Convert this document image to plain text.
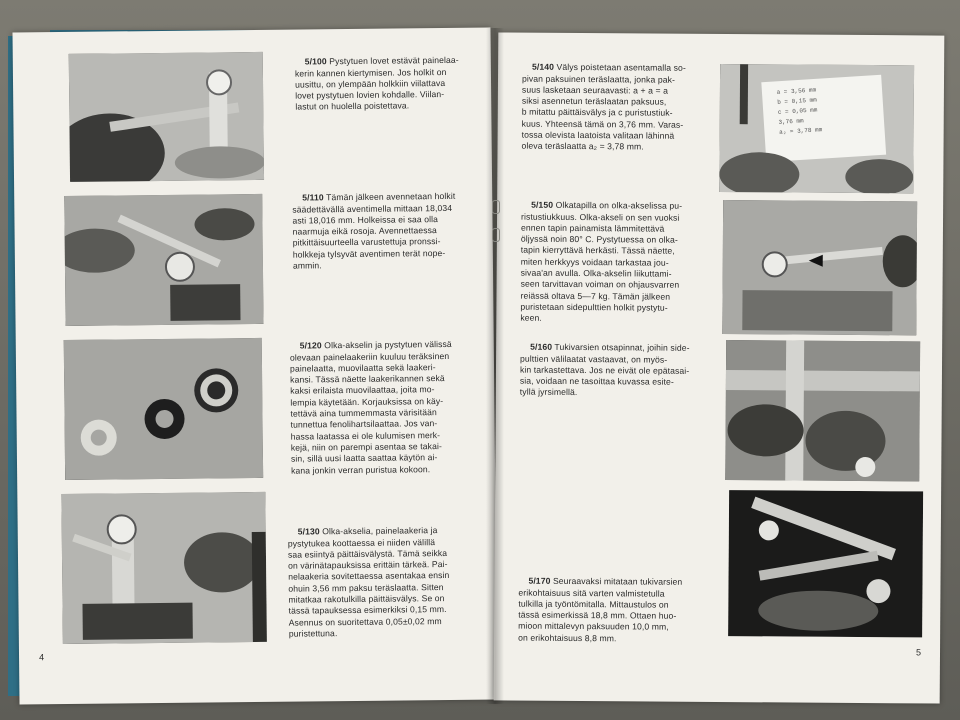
5/100 Pystytuen lovet estävät painelaa-
kerin kannen kiertymisen. Jos holkit on
uusittu, on ylempään holkkiin viilattava
lovet pystytuen lovien kohdalle. Viilan-
lastut on huolella poistettava.

5/110 Tämän jälkeen avennetaan holkit
säädettävällä aventimella mittaan 18,034
asti 18,016 mm. Holkeissa ei saa olla
naarmuja eikä rosoja. Avennettaessa
pitkittäisuurteella varustettuja pronssi-
holkkeja tylsyvät aventimen terät nope-
ammin.

5/120 Olka-akselin ja pystytuen välissä
olevaan painelaakeriin kuuluu teräksinen
painelaatta, muovilaatta sekä laakeri-
kansi. Tässä näette laakerikannen sekä
kaksi erilaista muovilaattaa, joita mo-
lempia käytetään. Korjauksissa on käy-
tettävä aina tummemmasta värisitään
tunnettua fenolihartsilaattaa. Jos van-
hassa laatassa ei ole kulumisen merk-
kejä, niin on parempi asentaa se takai-
sin, sillä uusi laatta saattaa käytön ai-
kana jonkin verran puristua kokoon.

5/130 Olka-akselia, painelaakeria ja
pystytukea koottaessa ei niiden välillä
saa esiintyä päittäisvälystä. Tämä seikka
on värinätapauksissa erittäin tärkeä. Pai-
nelaakeria sovitettaessa asentakaa ensin
ohuin 3,56 mm paksu teräslaatta. Sitten
mitatkaa rakotulkilla päittäisvälys. Se on
tässä tapauksessa esimerkiksi 0,15 mm.
Asennus on suoritettava 0,05±0,02 mm
puristettuna.

4

5/140 Välys poistetaan asentamalla so-
pivan paksuinen teräslaatta, jonka pak-
suus lasketaan seuraavasti: a + a = a
siksi asennetun teräslaatan paksuus,
b mitattu päittäisvälys ja c puristustiuk-
kuus. Yhteensä tämä on 3,76 mm. Varas-
tossa olevista laatoista valitaan lähinnä
oleva teräslaatta a₂ = 3,78 mm.

a = 3,56 mm
b = 0,15 mm
c = 0,05 mm
3,76 mm
a₂ = 3,78 mm

5/150 Olkatapilla on olka-akselissa pu-
ristustiukkuus. Olka-akseli on sen vuoksi
ennen tapin painamista lämmitettävä
öljyssä noin 80° C. Pystytuessa on olka-
tapin kierryttävä herkästi. Tässä näette,
miten herkkyys voidaan tarkastaa jou-
sivaa'an avulla. Olka-akselin liikuttami-
seen tarvittavan voiman on ohjausvarren
reiässä oltava 5—7 kg. Tämän jälkeen
puristetaan sidepulttien holkit pystytu-
keen.

5/160 Tukivarsien otsapinnat, joihin side-
pulttien välilaatat vastaavat, on myös-
kin tarkastettava. Jos ne eivät ole epätasai-
sia, voidaan ne tasoittaa kuvassa esite-
tyllä jyrsimellä.

5/170 Seuraavaksi mitataan tukivarsien
erikohtaisuus sitä varten valmistetulla
tulkilla ja työntömitalla. Mittaustulos on
tässä esimerkissä 18,8 mm. Ottaen huo-
mioon mittalevyn paksuuden 10,0 mm,
on erikohtaisuus 8,8 mm.

5
